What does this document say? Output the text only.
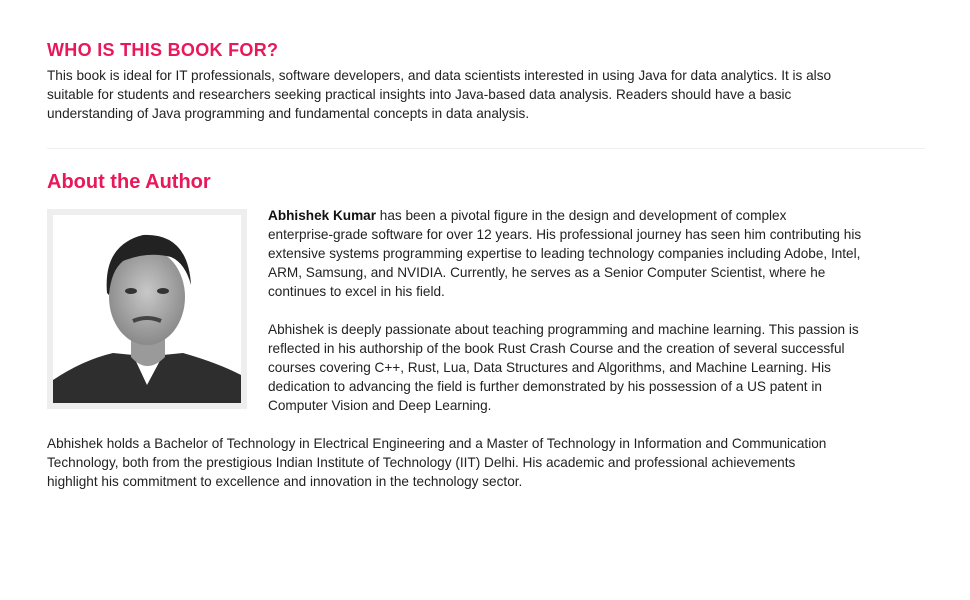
WHO IS THIS BOOK FOR?
This book is ideal for IT professionals, software developers, and data scientists interested in using Java for data analytics. It is also
suitable for students and researchers seeking practical insights into Java-based data analysis. Readers should have a basic
understanding of Java programming and fundamental concepts in data analysis.
About the Author
Abhishek Kumar has been a pivotal figure in the design and development of complex
enterprise-grade software for over 12 years. His professional journey has seen him contributing his
extensive systems programming expertise to leading technology companies including Adobe, Intel,
ARM, Samsung, and NVIDIA. Currently, he serves as a Senior Computer Scientist, where he
continues to excel in his field.
Abhishek is deeply passionate about teaching programming and machine learning. This passion is
reflected in his authorship of the book Rust Crash Course and the creation of several successful
courses covering C++, Rust, Lua, Data Structures and Algorithms, and Machine Learning. His
dedication to advancing the field is further demonstrated by his possession of a US patent in
Computer Vision and Deep Learning.
Abhishek holds a Bachelor of Technology in Electrical Engineering and a Master of Technology in Information and Communication
Technology, both from the prestigious Indian Institute of Technology (IIT) Delhi. His academic and professional achievements
highlight his commitment to excellence and innovation in the technology sector.
